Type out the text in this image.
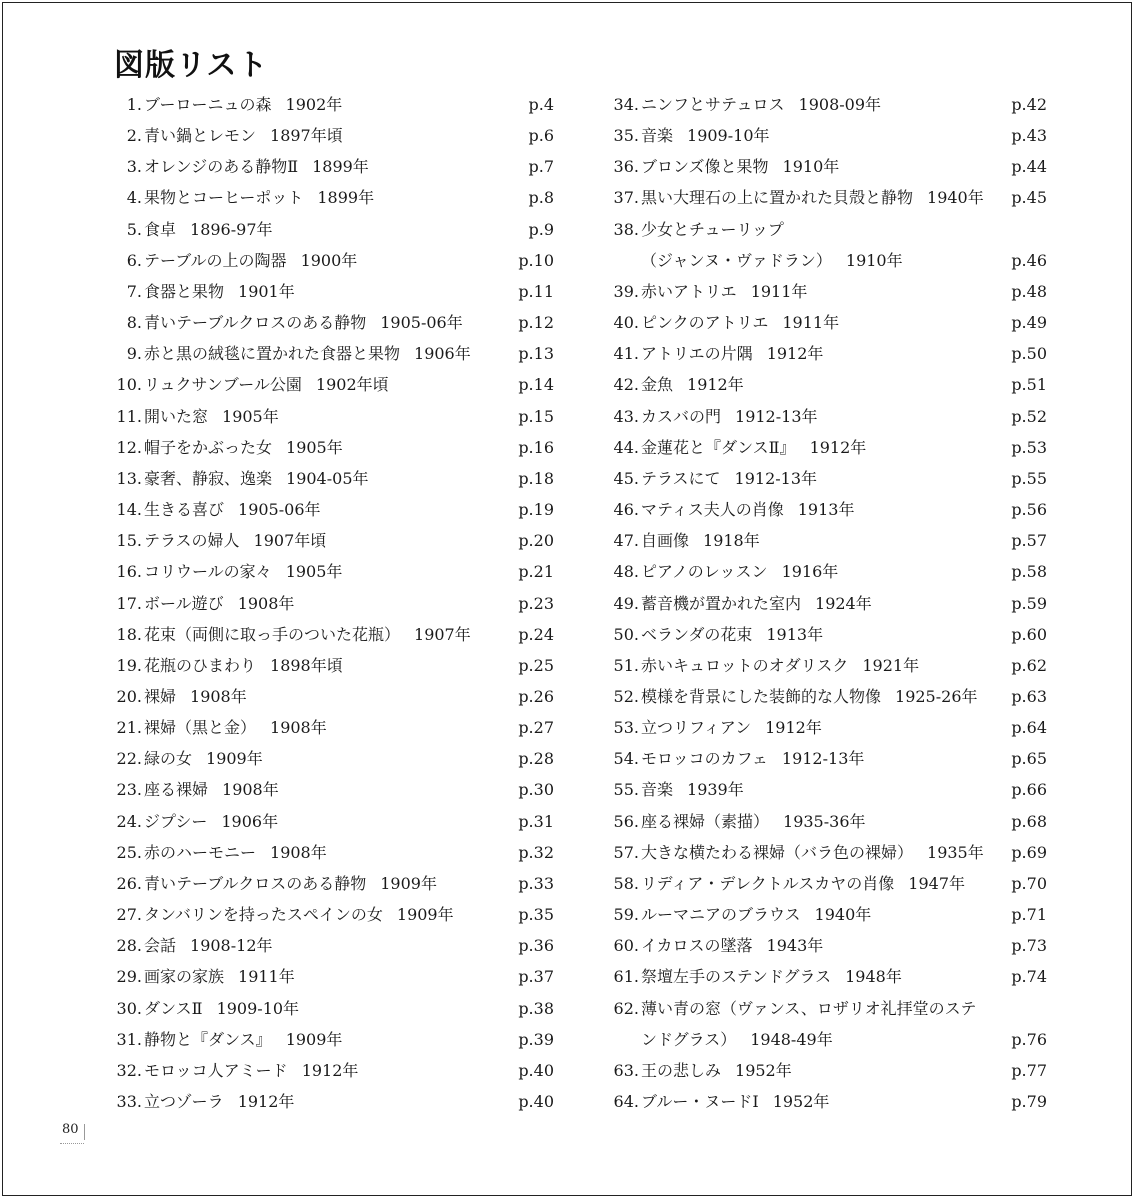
図版リスト
1. ブーローニュの森 1902年	p.4
2. 青い鍋とレモン 1897年頃	p.6
3. オレンジのある静物Ⅱ 1899年	p.7
4. 果物とコーヒーポット 1899年	p.8
5. 食卓 1896-97年	p.9
6. テーブルの上の陶器 1900年	p.10
7. 食器と果物 1901年	p.11
8. 青いテーブルクロスのある静物 1905-06年	p.12
9. 赤と黒の絨毯に置かれた食器と果物 1906年	p.13
10. リュクサンブール公園 1902年頃	p.14
11. 開いた窓 1905年	p.15
12. 帽子をかぶった女 1905年	p.16
13. 豪奢、静寂、逸楽 1904-05年	p.18
14. 生きる喜び 1905-06年	p.19
15. テラスの婦人 1907年頃	p.20
16. コリウールの家々 1905年	p.21
17. ボール遊び 1908年	p.23
18. 花束（両側に取っ手のついた花瓶） 1907年	p.24
19. 花瓶のひまわり 1898年頃	p.25
20. 裸婦 1908年	p.26
21. 裸婦（黒と金） 1908年	p.27
22. 緑の女 1909年	p.28
23. 座る裸婦 1908年	p.30
24. ジプシー 1906年	p.31
25. 赤のハーモニー 1908年	p.32
26. 青いテーブルクロスのある静物 1909年	p.33
27. タンバリンを持ったスペインの女 1909年	p.35
28. 会話 1908-12年	p.36
29. 画家の家族 1911年	p.37
30. ダンスⅡ 1909-10年	p.38
31. 静物と『ダンス』 1909年	p.39
32. モロッコ人アミード 1912年	p.40
33. 立つゾーラ 1912年	p.40
34. ニンフとサテュロス 1908-09年	p.42
35. 音楽 1909-10年	p.43
36. ブロンズ像と果物 1910年	p.44
37. 黒い大理石の上に置かれた貝殻と静物 1940年 p.45
38. 少女とチューリップ
（ジャンヌ・ヴァドラン） 1910年	p.46
39. 赤いアトリエ 1911年	p.48
40. ピンクのアトリエ 1911年	p.49
41. アトリエの片隅 1912年	p.50
42. 金魚 1912年	p.51
43. カスバの門 1912-13年	p.52
44. 金蓮花と『ダンスⅡ』 1912年	p.53
45. テラスにて 1912-13年	p.55
46. マティス夫人の肖像 1913年	p.56
47. 自画像 1918年	p.57
48. ピアノのレッスン 1916年	p.58
49. 蓄音機が置かれた室内 1924年	p.59
50. ベランダの花束 1913年	p.60
51. 赤いキュロットのオダリスク 1921年	p.62
52. 模様を背景にした装飾的な人物像 1925-26年 p.63
53. 立つリフィアン 1912年	p.64
54. モロッコのカフェ 1912-13年	p.65
55. 音楽 1939年	p.66
56. 座る裸婦（素描） 1935-36年	p.68
57. 大きな横たわる裸婦（バラ色の裸婦） 1935年 p.69
58. リディア・デレクトルスカヤの肖像 1947年	p.70
59. ルーマニアのブラウス 1940年	p.71
60. イカロスの墜落 1943年	p.73
61. 祭壇左手のステンドグラス 1948年	p.74
62. 薄い青の窓（ヴァンス、ロザリオ礼拝堂のステ
ンドグラス） 1948-49年	p.76
63. 王の悲しみ 1952年	p.77
64. ブルー・ヌードⅠ 1952年	p.79
80
